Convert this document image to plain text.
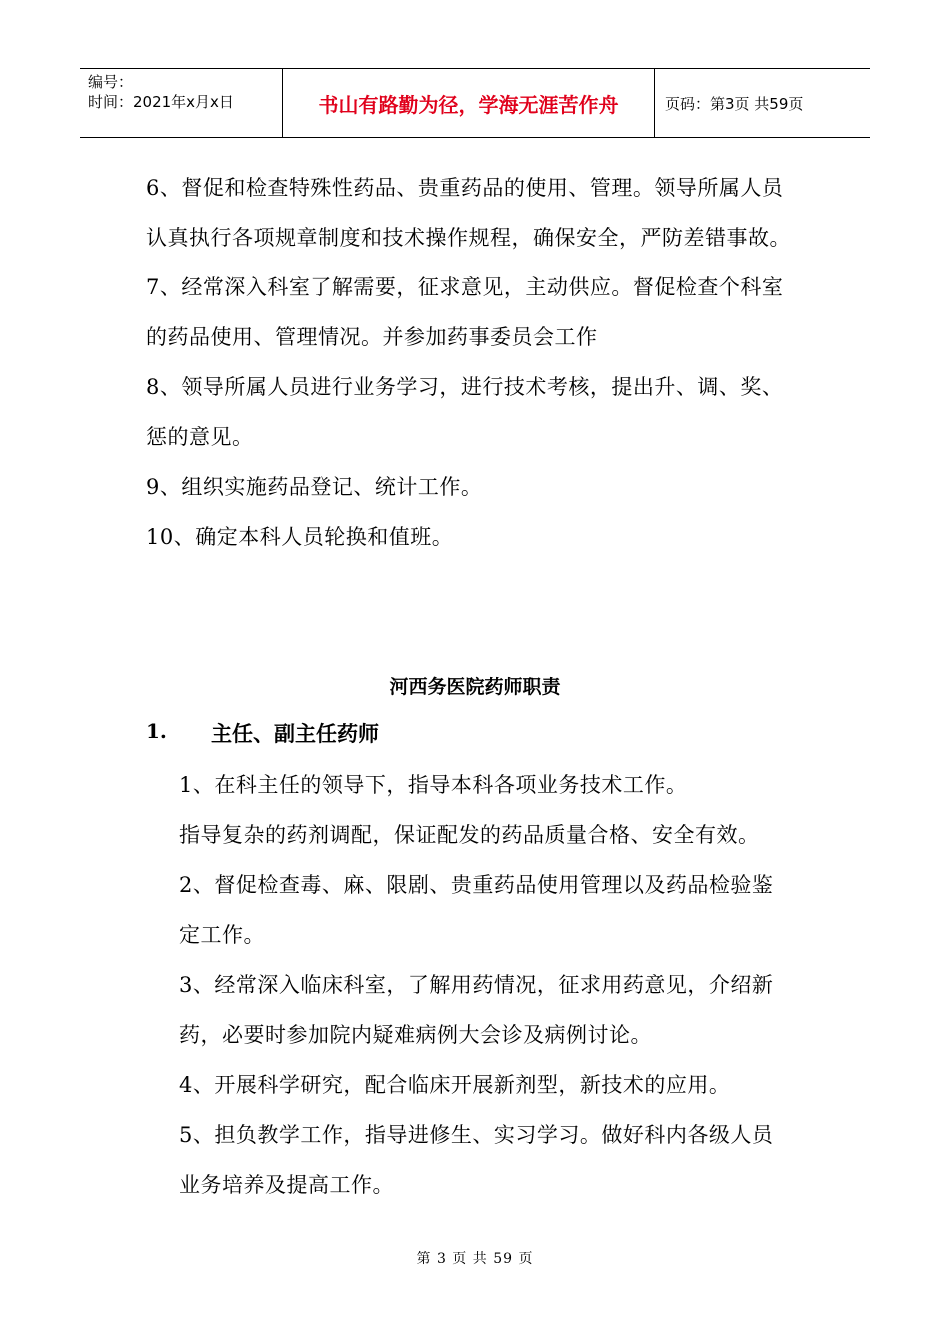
编号：
时间：2021年x月x日	书山有路勤为径，学海无涯苦作舟	页码：第3页 共59页
6、督促和检查特殊性药品、贵重药品的使用、管理。领导所属人员
认真执行各项规章制度和技术操作规程，确保安全，严防差错事故。
7、经常深入科室了解需要，征求意见，主动供应。督促检查个科室
的药品使用、管理情况。并参加药事委员会工作
8、领导所属人员进行业务学习，进行技术考核，提出升、调、奖、
惩的意见。
9、组织实施药品登记、统计工作。
10、确定本科人员轮换和值班。
河西务医院药师职责
1. 主任、副主任药师
1、在科主任的领导下，指导本科各项业务技术工作。
指导复杂的药剂调配，保证配发的药品质量合格、安全有效。
2、督促检查毒、麻、限剧、贵重药品使用管理以及药品检验鉴
定工作。
3、经常深入临床科室，了解用药情况，征求用药意见，介绍新
药，必要时参加院内疑难病例大会诊及病例讨论。
4、开展科学研究，配合临床开展新剂型，新技术的应用。
5、担负教学工作，指导进修生、实习学习。做好科内各级人员
业务培养及提高工作。
第 3 页 共 59 页
